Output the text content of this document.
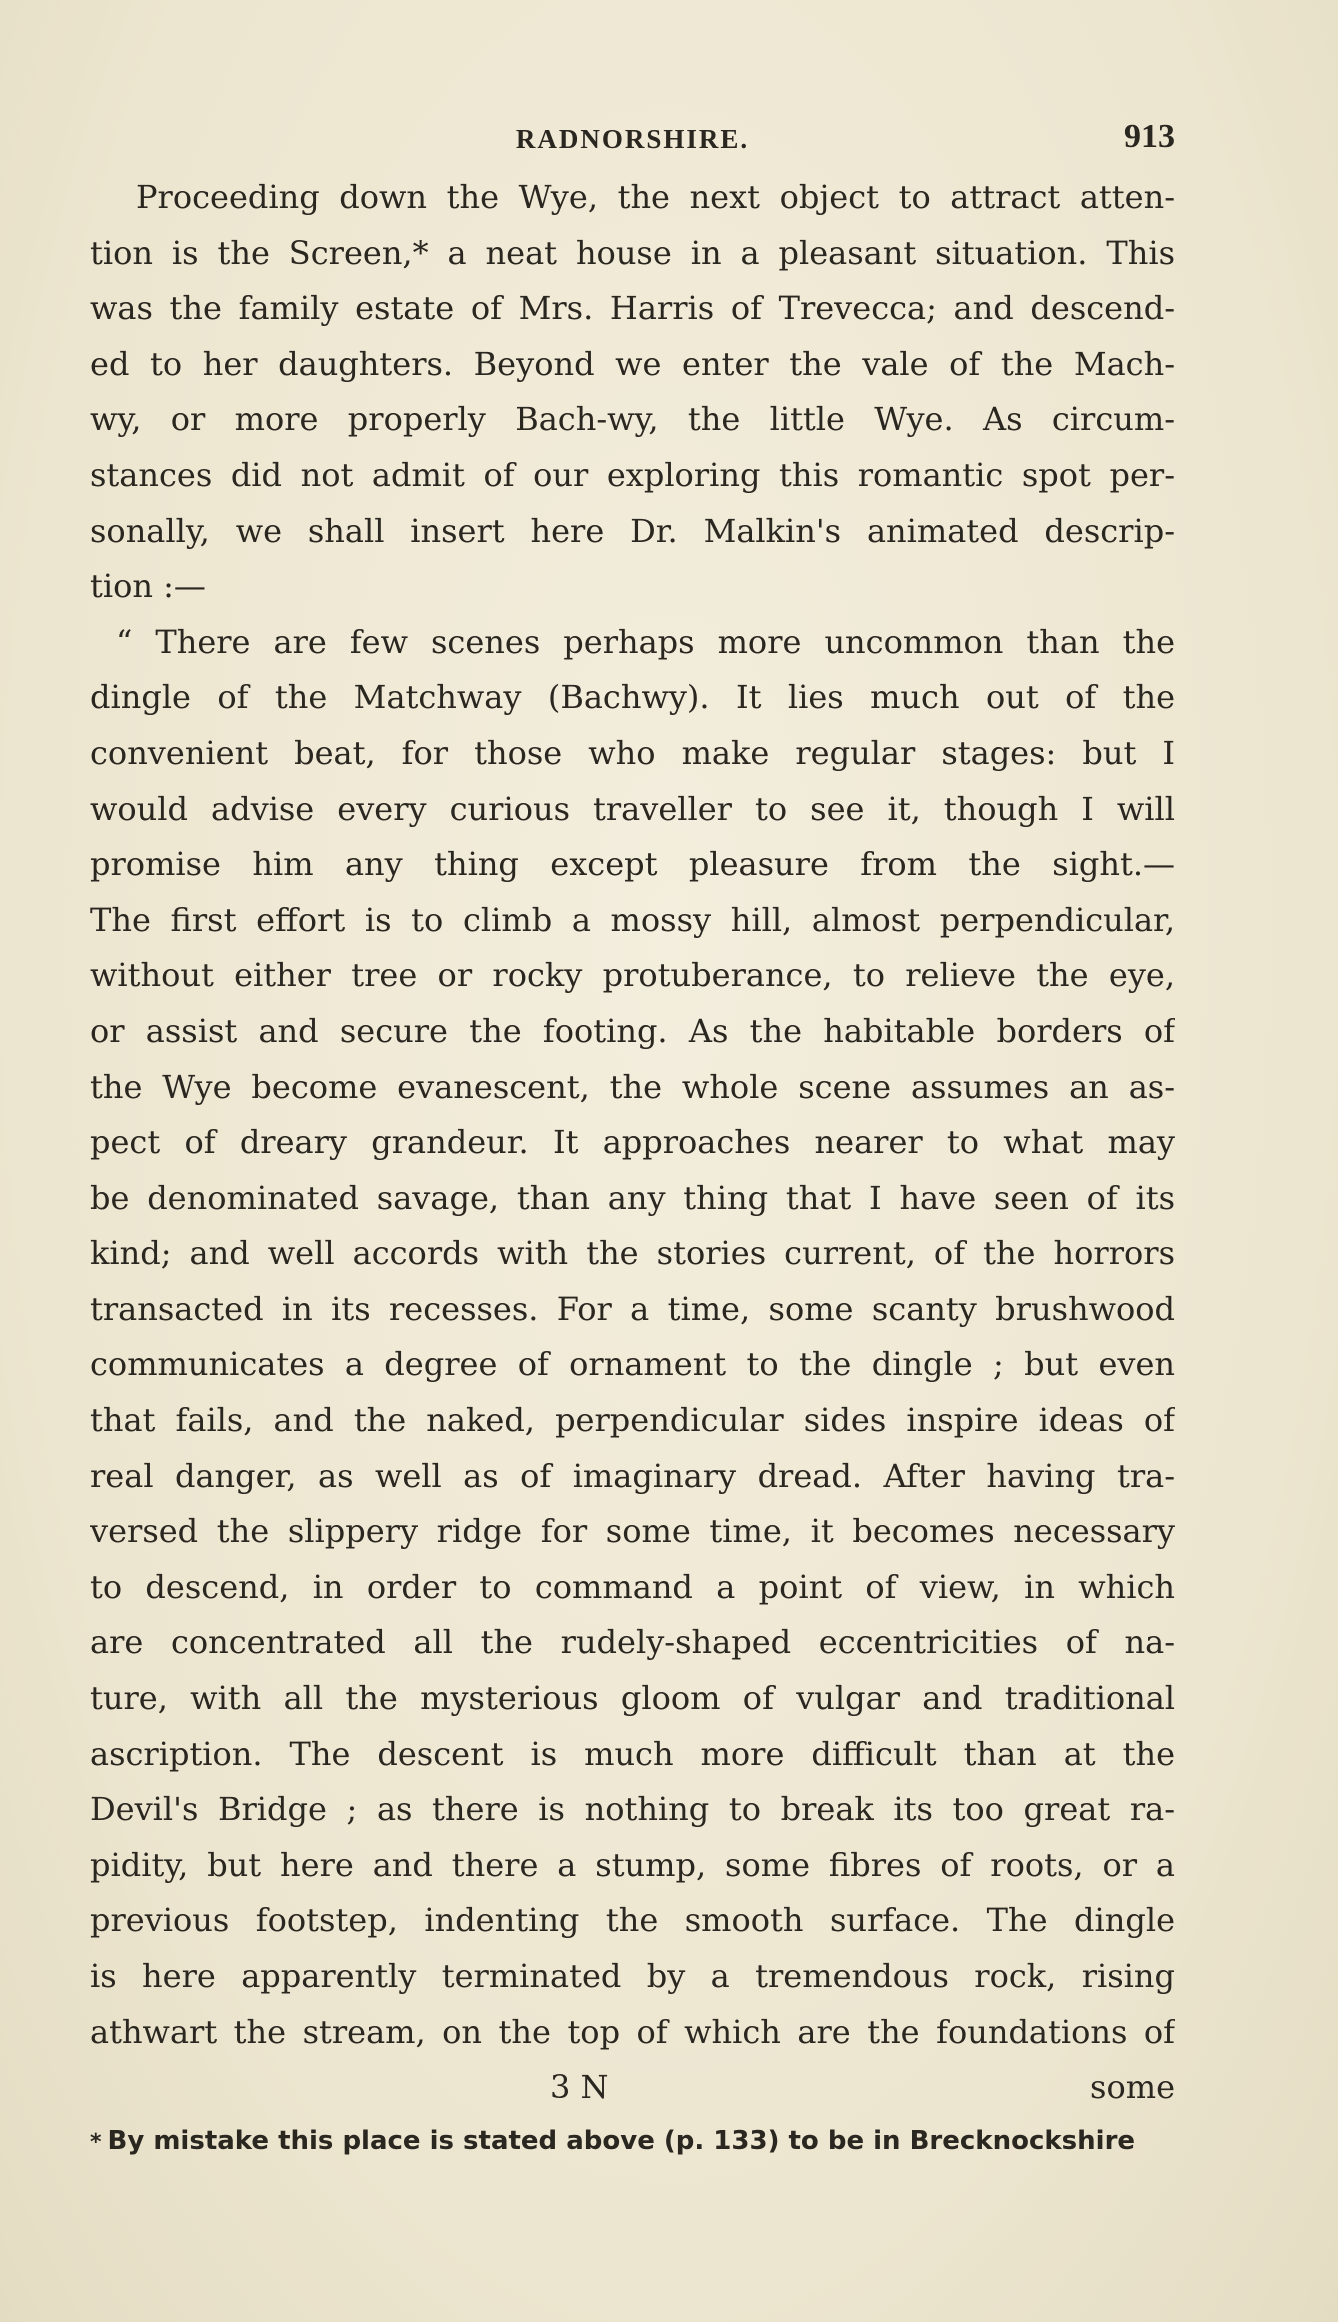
RADNORSHIRE.	913
Proceeding down the Wye, the next object to attract atten-
tion is the Screen,* a neat house in a pleasant situation. This
was the family estate of Mrs. Harris of Trevecca; and descend-
ed to her daughters. Beyond we enter the vale of the Mach-
wy, or more properly Bach-wy, the little Wye. As circum-
stances did not admit of our exploring this romantic spot per-
sonally, we shall insert here Dr. Malkin's animated descrip-
tion :—
“ There are few scenes perhaps more uncommon than the
dingle of the Matchway (Bachwy). It lies much out of the
convenient beat, for those who make regular stages: but I
would advise every curious traveller to see it, though I will
promise him any thing except pleasure from the sight.—
The first effort is to climb a mossy hill, almost perpendicular,
without either tree or rocky protuberance, to relieve the eye,
or assist and secure the footing. As the habitable borders of
the Wye become evanescent, the whole scene assumes an as-
pect of dreary grandeur. It approaches nearer to what may
be denominated savage, than any thing that I have seen of its
kind; and well accords with the stories current, of the horrors
transacted in its recesses. For a time, some scanty brushwood
communicates a degree of ornament to the dingle ; but even
that fails, and the naked, perpendicular sides inspire ideas of
real danger, as well as of imaginary dread. After having tra-
versed the slippery ridge for some time, it becomes necessary
to descend, in order to command a point of view, in which
are concentrated all the rudely-shaped eccentricities of na-
ture, with all the mysterious gloom of vulgar and traditional
ascription. The descent is much more difficult than at the
Devil's Bridge ; as there is nothing to break its too great ra-
pidity, but here and there a stump, some fibres of roots, or a
previous footstep, indenting the smooth surface. The dingle
is here apparently terminated by a tremendous rock, rising
athwart the stream, on the top of which are the foundations of
3 N	some
* By mistake this place is stated above (p. 133) to be in Brecknockshire
